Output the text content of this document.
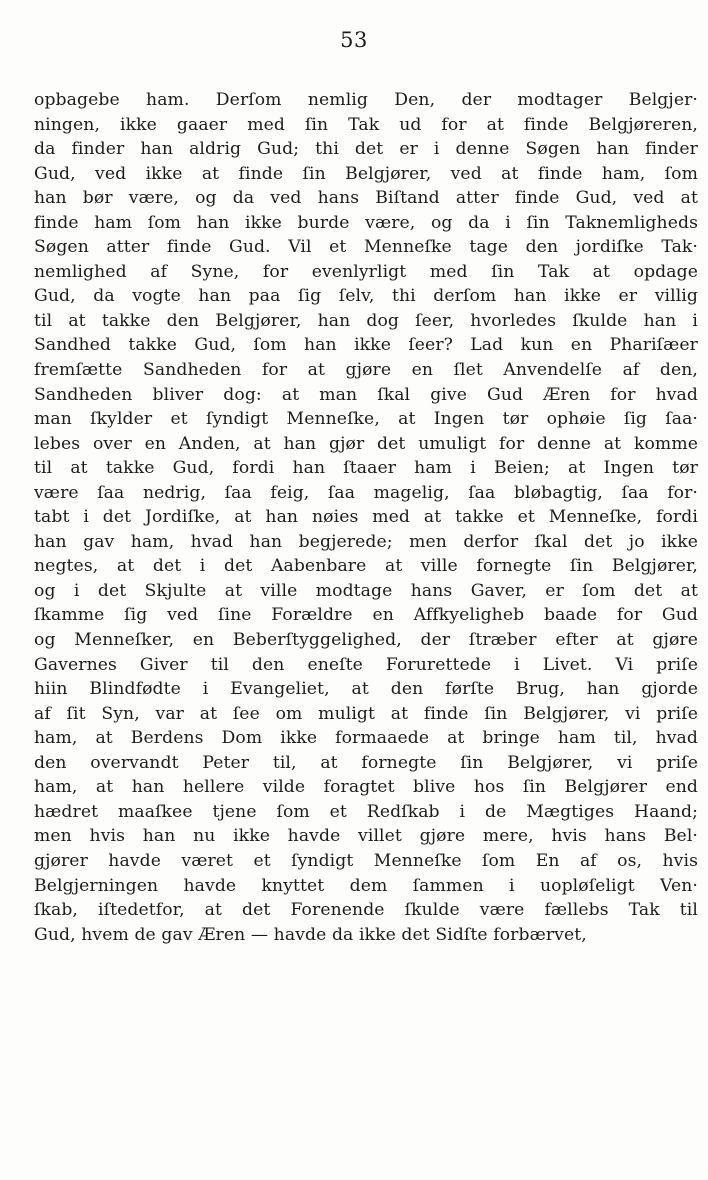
53
opbagebe ham. Derſom nemlig Den, der modtager Belgjer·
ningen, ikke gaaer med ſin Tak ud for at finde Belgjøreren,
da finder han aldrig Gud; thi det er i denne Søgen han finder
Gud, ved ikke at finde ſin Belgjører, ved at finde ham, ſom
han bør være, og da ved hans Biſtand atter finde Gud, ved at
finde ham ſom han ikke burde være, og da i ſin Taknemligheds
Søgen atter finde Gud. Vil et Menneſke tage den jordiſke Tak·
nemlighed af Syne, for evenlyrligt med ſin Tak at opdage
Gud, da vogte han paa ſig ſelv, thi derſom han ikke er villig
til at takke den Belgjører, han dog ſeer, hvorledes ſkulde han i
Sandhed takke Gud, ſom han ikke ſeer? Lad kun en Phariſæer
fremſætte Sandheden for at gjøre en ſlet Anvendelſe af den,
Sandheden bliver dog: at man ſkal give Gud Æren for hvad
man ſkylder et ſyndigt Menneſke, at Ingen tør ophøie ſig ſaa·
lebes over en Anden, at han gjør det umuligt for denne at komme
til at takke Gud, fordi han ſtaaer ham i Beien; at Ingen tør
være ſaa nedrig, ſaa feig, ſaa magelig, ſaa bløbagtig, ſaa for·
tabt i det Jordiſke, at han nøies med at takke et Menneſke, fordi
han gav ham, hvad han begjerede; men derfor ſkal det jo ikke
negtes, at det i det Aabenbare at ville fornegte ſin Belgjører,
og i det Skjulte at ville modtage hans Gaver, er ſom det at
ſkamme ſig ved ſine Forældre en Affkyeligheb baade for Gud
og Menneſker, en Beberſtyggelighed, der ſtræber efter at gjøre
Gavernes Giver til den eneſte Forurettede i Livet. Vi priſe
hiin Blindfødte i Evangeliet, at den førſte Brug, han gjorde
af ſit Syn, var at ſee om muligt at finde ſin Belgjører, vi priſe
ham, at Berdens Dom ikke formaaede at bringe ham til, hvad
den overvandt Peter til, at fornegte ſin Belgjører, vi priſe
ham, at han hellere vilde foragtet blive hos ſin Belgjører end
hædret maaſkee tjene ſom et Redſkab i de Mægtiges Haand;
men hvis han nu ikke havde villet gjøre mere, hvis hans Bel·
gjører havde været et ſyndigt Menneſke ſom En af os, hvis
Belgjerningen havde knyttet dem ſammen i uopløſeligt Ven·
ſkab, iſtedetfor, at det Forenende ſkulde være fællebs Tak til
Gud, hvem de gav Æren — havde da ikke det Sidſte forbærvet,
